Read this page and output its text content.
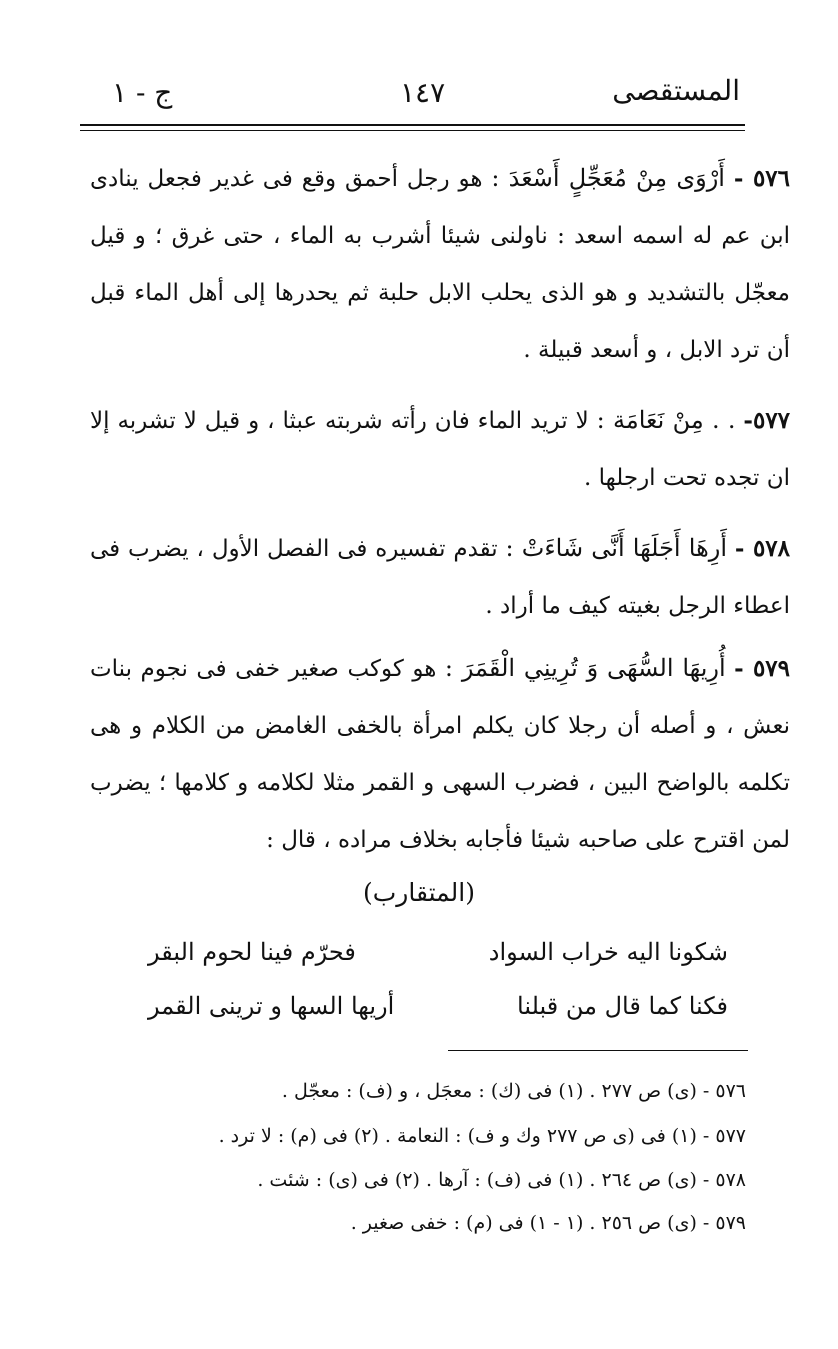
ج - ١	١٤٧	المستقصى
٥٧٦ - أَرْوَى مِنْ مُعَجِّلٍ أَسْعَدَ : هو رجل أحمق وقع فى غدير فجعل ينادى ابن عم له اسمه اسعد : ناولنى شيئا أشرب به الماء ، حتى غرق ؛ و قيل معجّل بالتشديد و هو الذى يحلب الابل حلبة ثم يحدرها إلى أهل الماء قبل أن ترد الابل ، و أسعد قبيلة .
٥٧٧- . . مِنْ نَعَامَة : لا تريد الماء فان رأته شربته عبثا ، و قيل لا تشربه إلا ان تجده تحت ارجلها .
٥٧٨ - أَرِهَا أَجَلَهَا أَنَّى شَاءَتْ : تقدم تفسيره فى الفصل الأول ، يضرب فى اعطاء الرجل بغيته كيف ما أراد .
٥٧٩ - أُرِيهَا السُّهَى وَ تُرِينِي الْقَمَرَ : هو كوكب صغير خفى فى نجوم بنات نعش ، و أصله أن رجلا كان يكلم امرأة بالخفى الغامض من الكلام و هى تكلمه بالواضح البين ، فضرب السهى و القمر مثلا لكلامه و كلامها ؛ يضرب لمن اقترح على صاحبه شيئا فأجابه بخلاف مراده ، قال :
(المتقارب)
شكونا اليه خراب السواد
فحرّم فينا لحوم البقر
فكنا كما قال من قبلنا
أريها السها و ترينى القمر
٥٧٦ - (ى) ص ٢٧٧ . (١) فى (ك) : معجَل ، و (ف) : معجّل .
٥٧٧ - (١) فى (ى ص ٢٧٧ وك و ف) : النعامة . (٢) فى (م) : لا ترد .
٥٧٨ - (ى) ص ٢٦٤ . (١) فى (ف) : آرها . (٢) فى (ى) : شئت .
٥٧٩ - (ى) ص ٢٥٦ . (١ - ١) فى (م) : خفى صغير .
